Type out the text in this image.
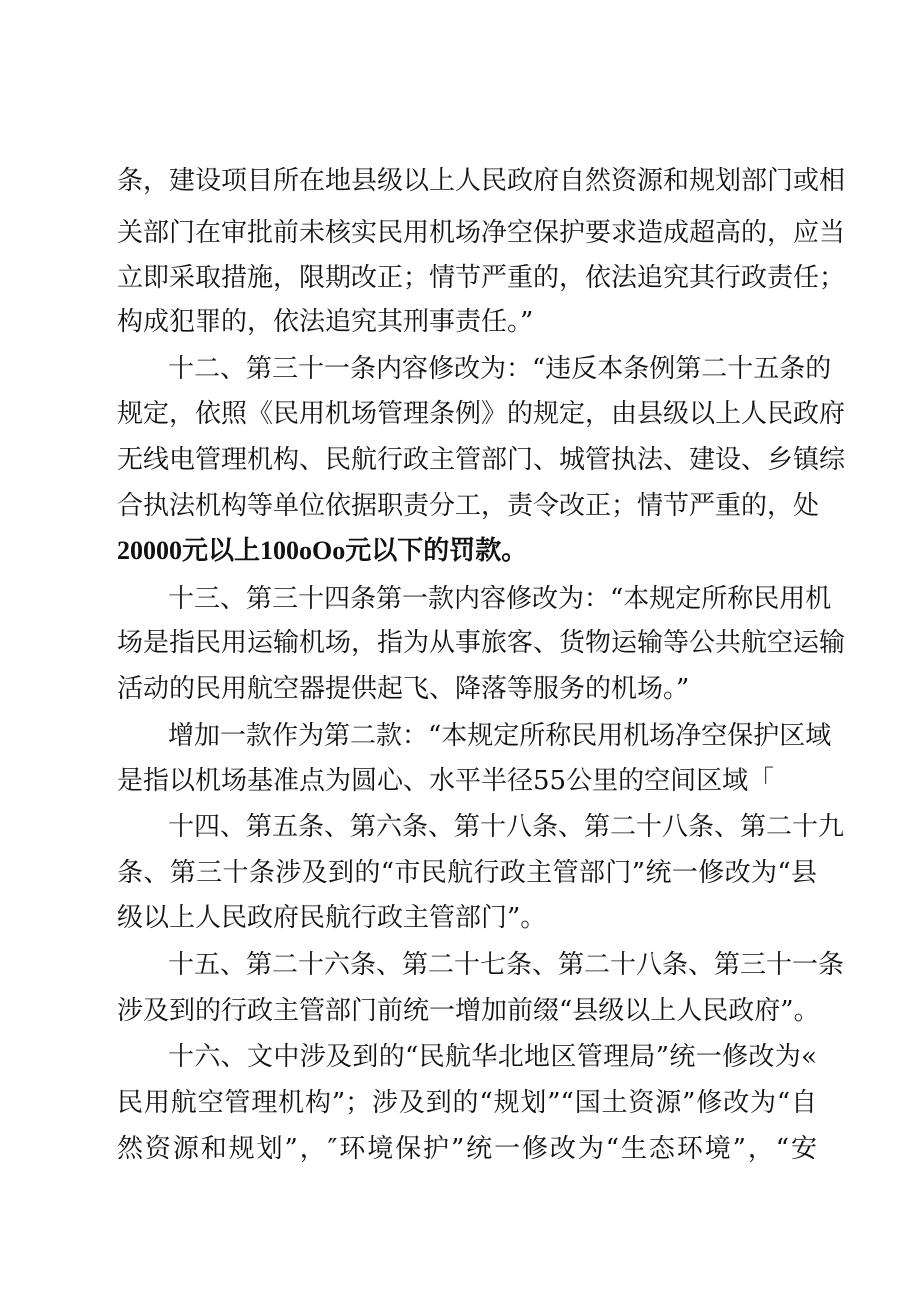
条，建设项目所在地县级以上人民政府自然资源和规划部门或相
关部门在审批前未核实民用机场净空保护要求造成超高的，应当
立即采取措施，限期改正；情节严重的，依法追究其行政责任；
构成犯罪的，依法追究其刑事责任。”
十二、第三十一条内容修改为：“违反本条例第二十五条的
规定，依照《民用机场管理条例》的规定，由县级以上人民政府
无线电管理机构、民航行政主管部门、城管执法、建设、乡镇综
合执法机构等单位依据职责分工，责令改正；情节严重的，处
20000元以上100oOo元以下的罚款。
十三、第三十四条第一款内容修改为：“本规定所称民用机
场是指民用运输机场，指为从事旅客、货物运输等公共航空运输
活动的民用航空器提供起飞、降落等服务的机场。”
增加一款作为第二款：“本规定所称民用机场净空保护区域
是指以机场基准点为圆心、水平半径55公里的空间区域「
十四、第五条、第六条、第十八条、第二十八条、第二十九
条、第三十条涉及到的“市民航行政主管部门”统一修改为“县
级以上人民政府民航行政主管部门”。
十五、第二十六条、第二十七条、第二十八条、第三十一条
涉及到的行政主管部门前统一增加前缀“县级以上人民政府”。
十六、文中涉及到的“民航华北地区管理局”统一修改为«
民用航空管理机构”；涉及到的“规划”“国土资源”修改为“自
然资源和规划”，″环境保护”统一修改为“生态环境”，“安
